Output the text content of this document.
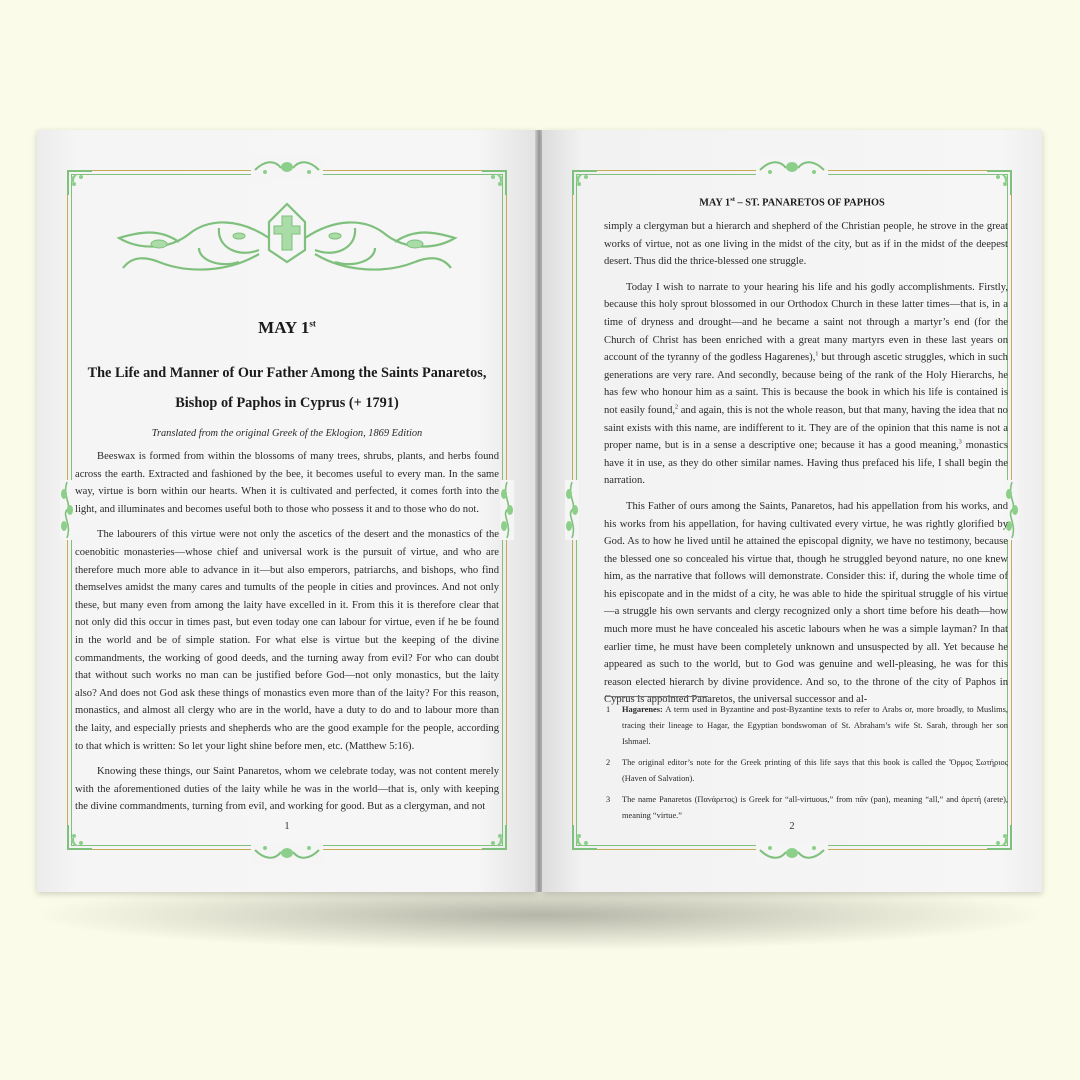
MAY 1st
The Life and Manner of Our Father Among the Saints Panaretos,
Bishop of Paphos in Cyprus (+ 1791)
Translated from the original Greek of the Eklogion, 1869 Edition

Beeswax is formed from within the blossoms of many trees, shrubs, plants, and herbs found across the earth. Extracted and fashioned by the bee, it becomes useful to every man. In the same way, virtue is born within our hearts. When it is cultivated and perfected, it comes forth into the light, and illuminates and becomes useful both to those who possess it and to those who do not.

The labourers of this virtue were not only the ascetics of the desert and the monastics of the coenobitic monasteries—whose chief and universal work is the pursuit of virtue, and who are therefore much more able to advance in it—but also emperors, patriarchs, and bishops, who find themselves amidst the many cares and tumults of the people in cities and provinces. And not only these, but many even from among the laity have excelled in it. From this it is therefore clear that not only did this occur in times past, but even today one can labour for virtue, even if he be found in the world and be of simple station. For what else is virtue but the keeping of the divine commandments, the working of good deeds, and the turning away from evil? For who can doubt that without such works no man can be justified before God—not only monastics, but the laity also? And does not God ask these things of monastics even more than of the laity? For this reason, monastics, and almost all clergy who are in the world, have a duty to do and to labour more than the laity, and especially priests and shepherds who are the good example for the people, according to that which is written: So let your light shine before men, etc. (Matthew 5:16).

Knowing these things, our Saint Panaretos, whom we celebrate today, was not content merely with the aforementioned duties of the laity while he was in the world—that is, only with keeping the divine commandments, turning from evil, and working for good. But as a clergyman, and not

1
MAY 1st – ST. PANARETOS OF PAPHOS

simply a clergyman but a hierarch and shepherd of the Christian people, he strove in the great works of virtue, not as one living in the midst of the city, but as if in the midst of the deepest desert. Thus did the thrice-blessed one struggle.

Today I wish to narrate to your hearing his life and his godly accomplishments. Firstly, because this holy sprout blossomed in our Orthodox Church in these latter times—that is, in a time of dryness and drought—and he became a saint not through a martyr’s end (for the Church of Christ has been enriched with a great many martyrs even in these last years on account of the tyranny of the godless Hagarenes),$^1$ but through ascetic struggles, which in such generations are very rare. And secondly, because being of the rank of the Holy Hierarchs, he has few who honour him as a saint. This is because the book in which his life is contained is not easily found,$^2$ and again, this is not the whole reason, but that many, having the idea that no saint exists with this name, are indifferent to it. They are of the opinion that this name is not a proper name, but is in a sense a descriptive one; because it has a good meaning,$^3$ monastics have it in use, as they do other similar names. Having thus prefaced his life, I shall begin the narration.

This Father of ours among the Saints, Panaretos, had his appellation from his works, and his works from his appellation, for having cultivated every virtue, he was rightly glorified by God. As to how he lived until he attained the episcopal dignity, we have no testimony, because the blessed one so concealed his virtue that, though he struggled beyond nature, no one knew him, as the narrative that follows will demonstrate. Consider this: if, during the whole time of his episcopate and in the midst of a city, he was able to hide the spiritual struggle of his virtue—a struggle his own servants and clergy recognized only a short time before his death—how much more must he have concealed his ascetic labours when he was a simple layman? In that earlier time, he must have been completely unknown and unsuspected by all. Yet because he appeared as such to the world, but to God was genuine and well-pleasing, he was for this reason elected hierarch by divine providence. And so, to the throne of the city of Paphos in Cyprus is appointed Panaretos, the universal successor and al-

1	Hagarenes: A term used in Byzantine and post-Byzantine texts to refer to Arabs or, more broadly, to Muslims, tracing their lineage to Hagar, the Egyptian bondswoman of St. Abraham’s wife St. Sarah, through her son Ishmael.
2	The original editor’s note for the Greek printing of this life says that this book is called the Ὅρμος Σωτήριος (Haven of Salvation).
3	The name Panaretos (Πανάρετος) is Greek for “all-virtuous,” from πᾶν (pan), meaning “all,” and ἀρετή (arete), meaning “virtue.”
2
